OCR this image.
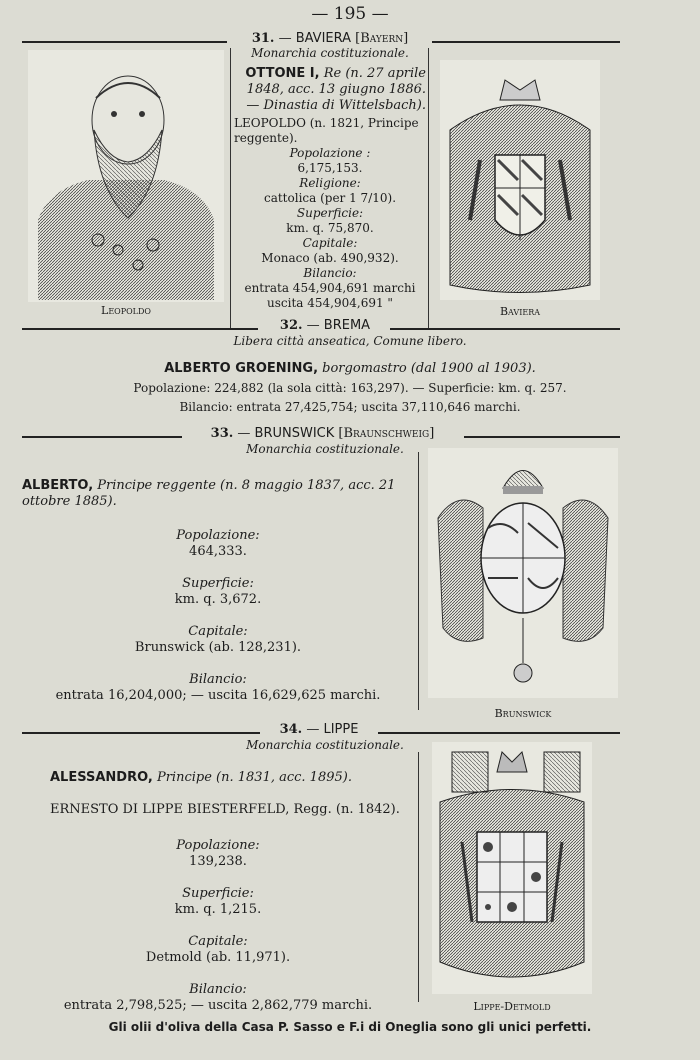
— 195 —
31. — BAVIERA [Bayern]
Leopoldo
Monarchia costituzionale.
OTTONE I, Re (n. 27 aprile 1848, acc. 13 giugno 1886. — Dinastia di Wittelsbach).
LEOPOLDO (n. 1821, Principe reggente).
Popolazione :
6,175,153.
Religione:
cattolica (per 1 7/10).
Superficie:
km. q. 75,870.
Capitale:
Monaco (ab. 490,932).
Bilancio:
entrata 454,904,691 marchi
uscita 454,904,691 "
Baviera
32. — BREMA
Libera città anseatica, Comune libero.
ALBERTO GROENING, borgomastro (dal 1900 al 1903).
Popolazione: 224,882 (la sola città: 163,297). — Superficie: km. q. 257.
Bilancio: entrata 27,425,754; uscita 37,110,646 marchi.
33. — BRUNSWICK [Braunschweig]
Monarchia costituzionale.
ALBERTO, Principe reggente (n. 8 maggio 1837, acc. 21 ottobre 1885).
Popolazione:
464,333.
Superficie:
km. q. 3,672.
Capitale:
Brunswick (ab. 128,231).
Bilancio:
entrata 16,204,000; — uscita 16,629,625 marchi.
Brunswick
34. — LIPPE
Monarchia costituzionale.
ALESSANDRO, Principe (n. 1831, acc. 1895).
ERNESTO DI LIPPE BIESTERFELD, Regg. (n. 1842).
Popolazione:
139,238.
Superficie:
km. q. 1,215.
Capitale:
Detmold (ab. 11,971).
Bilancio:
entrata 2,798,525; — uscita 2,862,779 marchi.	Lippe-Detmold
Gli olii d'oliva della Casa P. Sasso e F.i di Oneglia sono gli unici perfetti.
